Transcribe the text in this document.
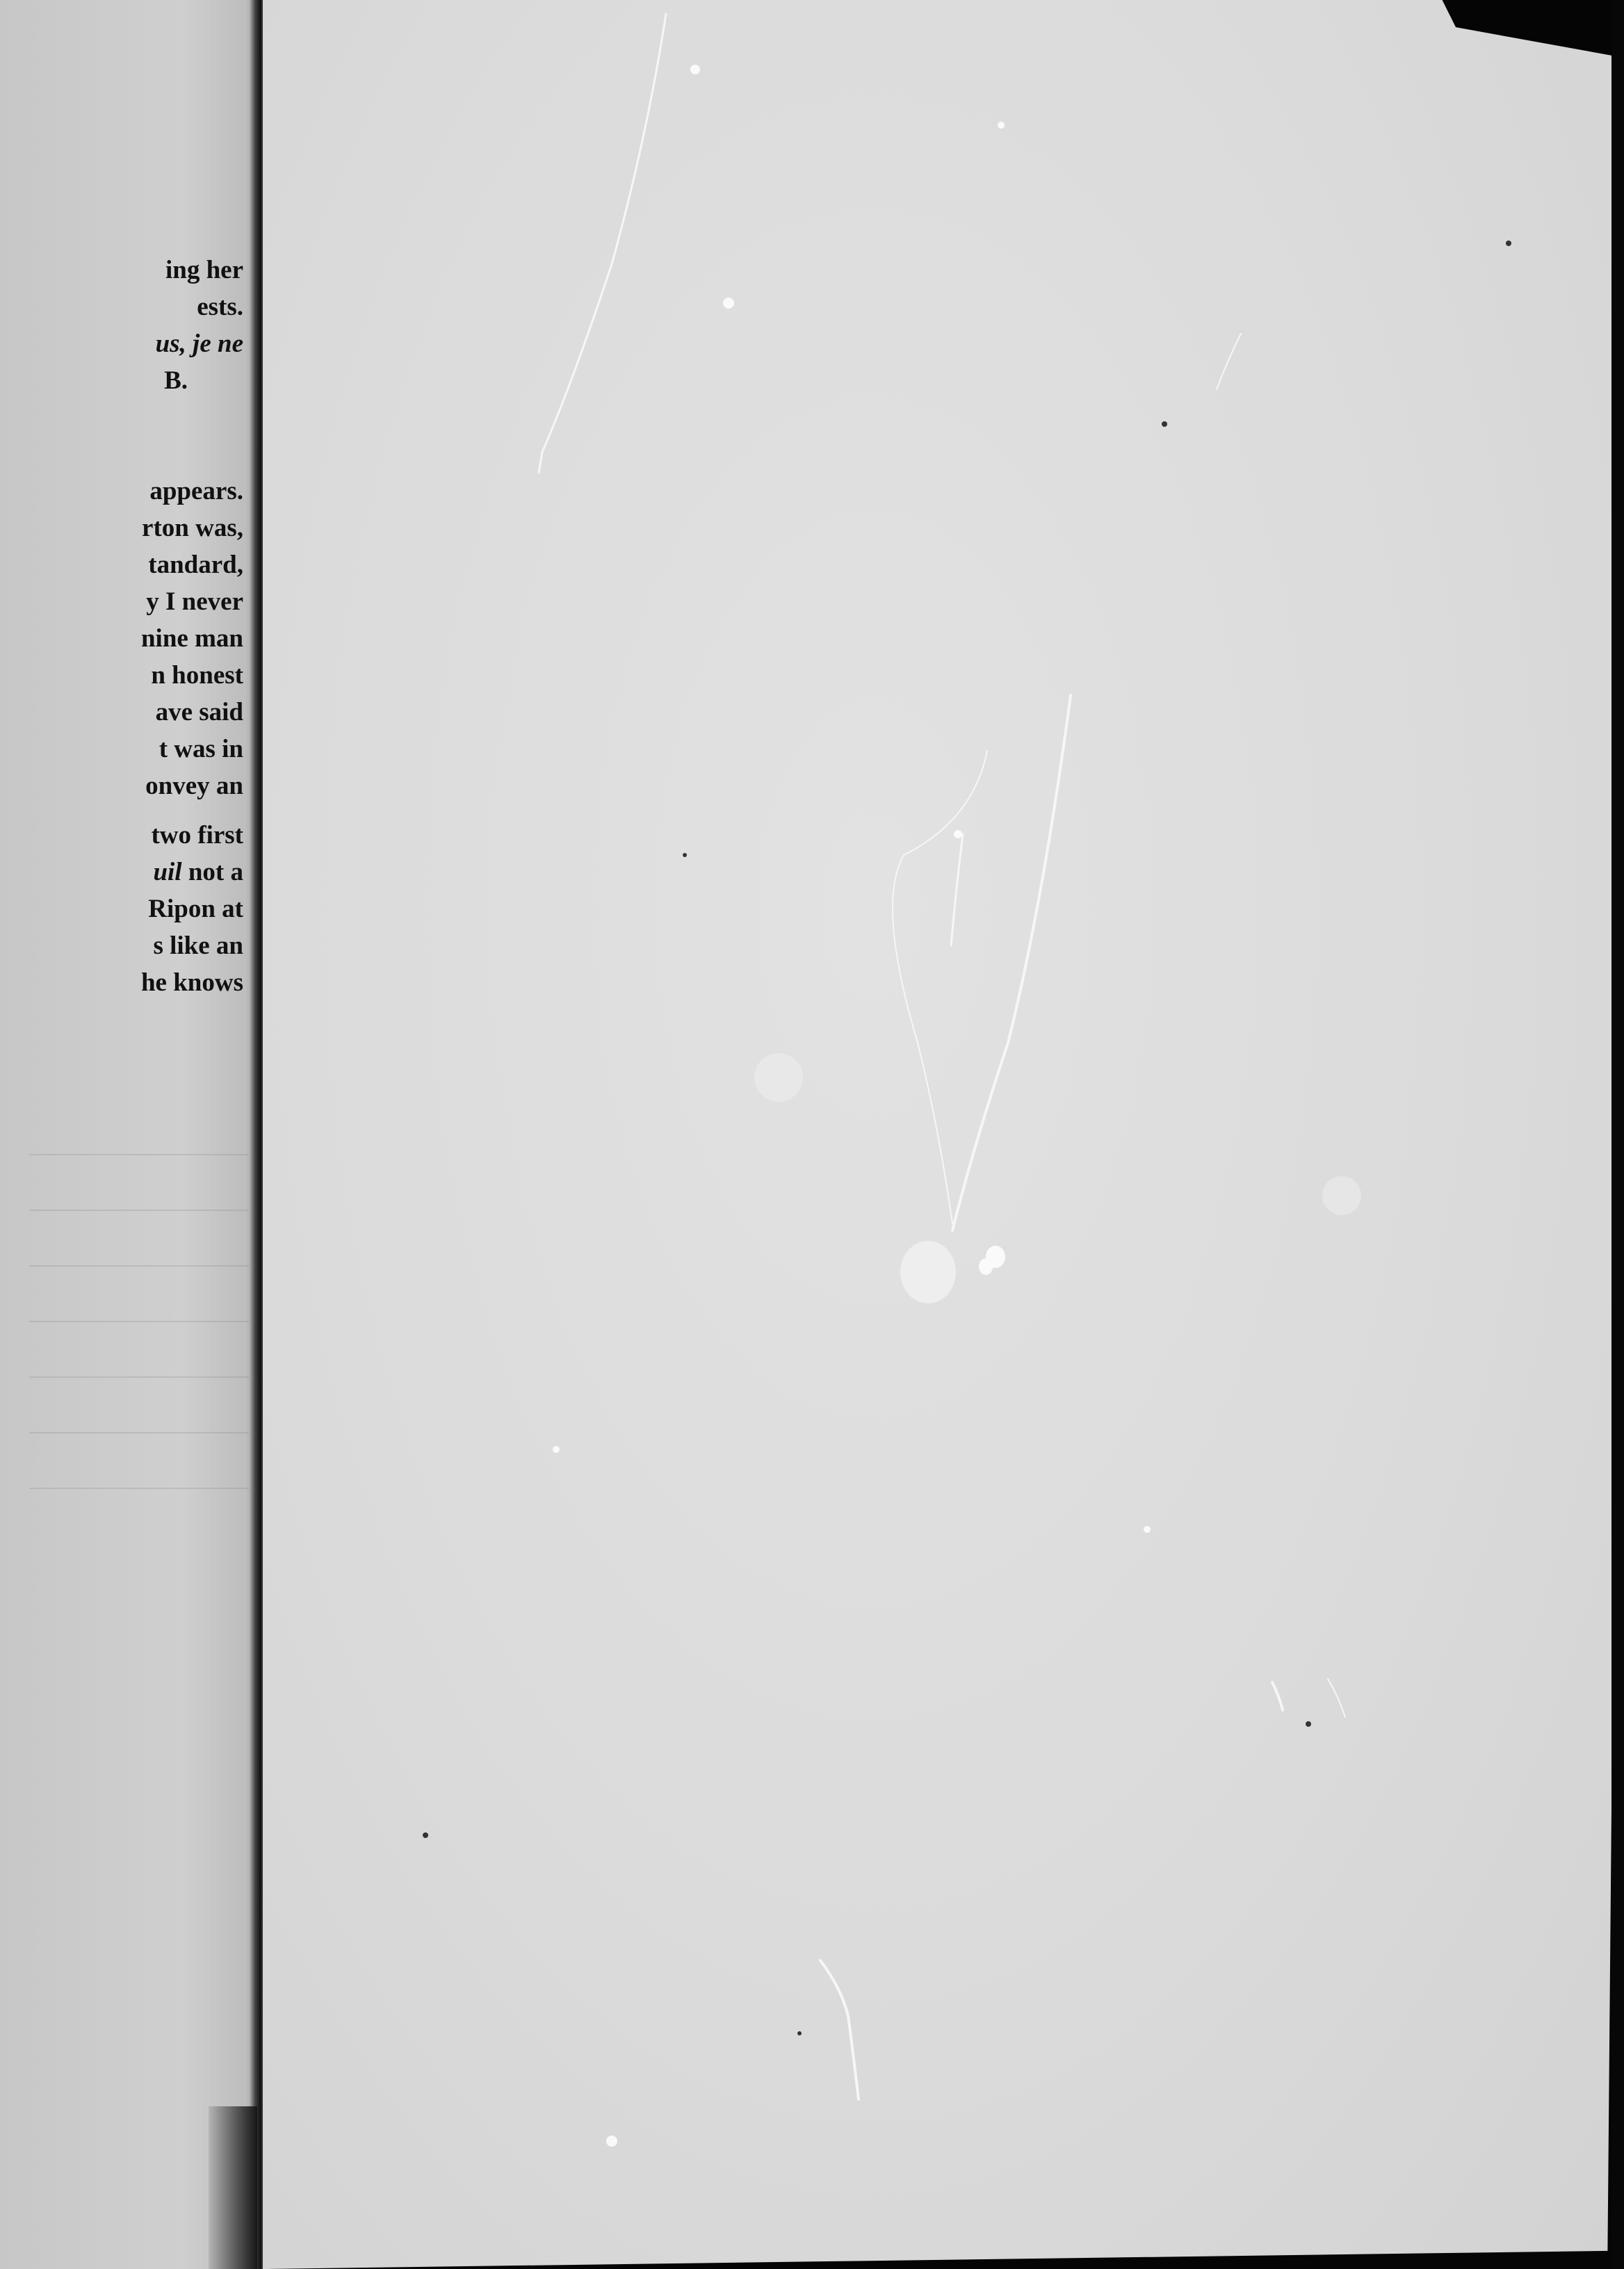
ing her
ests.
us, je ne
B.
appears.
rton was,
tandard,
y I never
nine man
n honest
ave said
t was in
onvey an
two first
uil not a
Ripon at
s like an
he knows
